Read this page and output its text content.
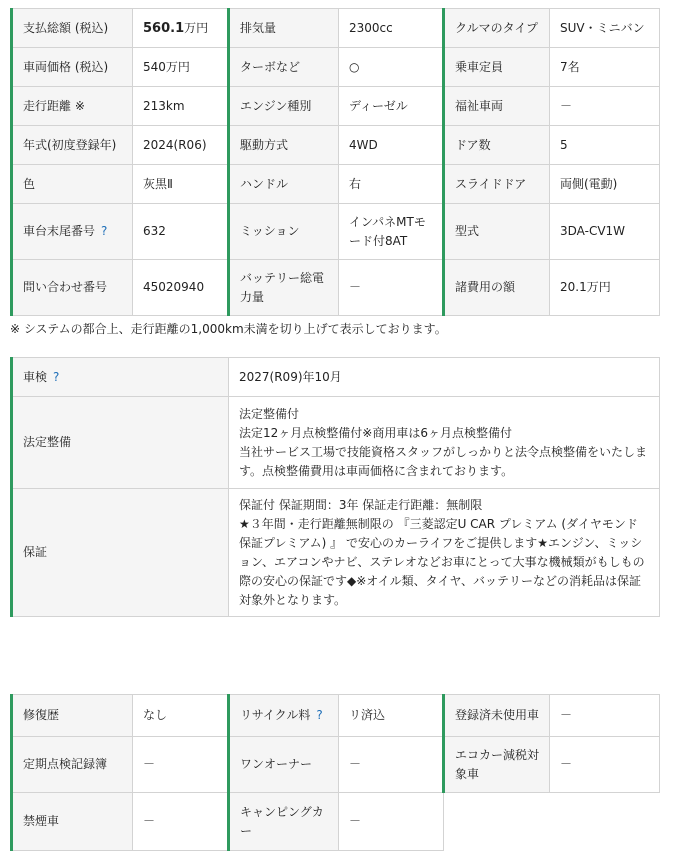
支払総額 (税込)	560.1万円	排気量	2300cc	クルマのタイプ	SUV・ミニバン
車両価格 (税込)	540万円	ターボなど	○	乗車定員	7名
走行距離 ※	213km	エンジン種別	ディーゼル	福祉車両	－
年式(初度登録年)	2024(R06)	駆動方式	4WD	ドア数	5
色	灰黒Ⅱ	ハンドル	右	スライドドア	両側(電動)
車台末尾番号 ?	632	ミッション	インパネMTモード付8AT	型式	3DA-CV1W
問い合わせ番号	45020940	バッテリー総電力量	－	諸費用の額	20.1万円

※ システムの都合上、走行距離の1,000km未満を切り上げて表示しております。

車検 ?	2027(R09)年10月
法定整備	法定整備付
法定12ヶ月点検整備付※商用車は6ヶ月点検整備付
当社サービス工場で技能資格スタッフがしっかりと法令点検整備をいたします。点検整備費用は車両価格に含まれております。

保証	保証付 保証期間：3年 保証走行距離：無制限
★３年間・走行距離無制限の 『三菱認定U CAR プレミアム (ダイヤモンド保証プレミアム) 』 で安心のカーライフをご提供します★エンジン、ミッション、エアコンやナビ、ステレオなどお車にとって大事な機械類がもしもの際の安心の保証です◆※オイル類、タイヤ、バッテリーなどの消耗品は保証対象外となります。
修復歴	なし	リサイクル料 ?	リ済込	登録済未使用車	－
定期点検記録簿	－	ワンオーナー	－	エコカー減税対象車	－
禁煙車	－	キャンピングカー	－		
